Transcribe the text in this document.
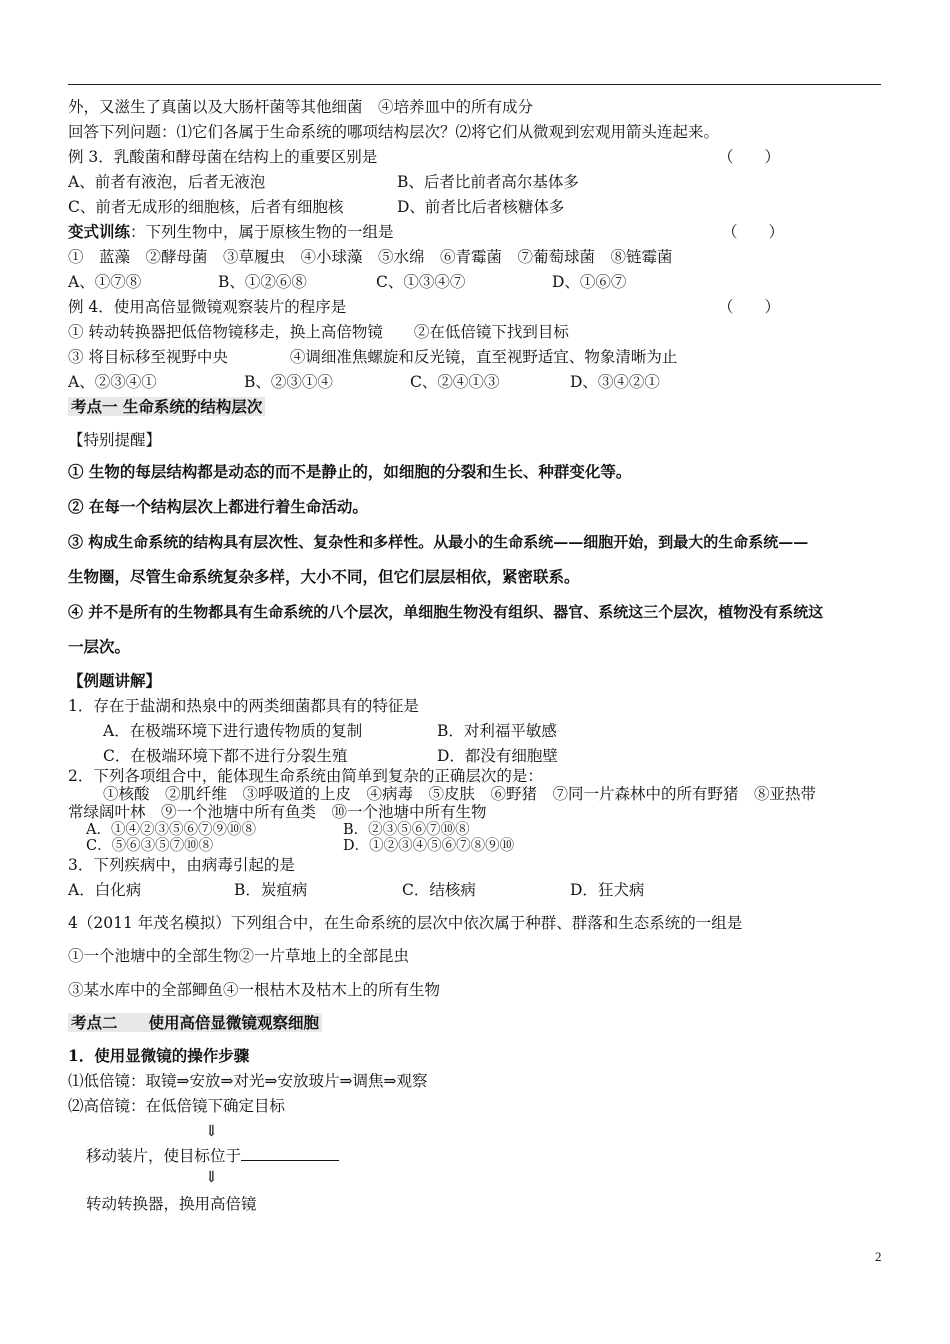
外，又滋生了真菌以及大肠杆菌等其他细菌　④培养皿中的所有成分
回答下列问题：⑴它们各属于生命系统的哪项结构层次？⑵将它们从微观到宏观用箭头连起来。
例 3．乳酸菌和酵母菌在结构上的重要区别是	（　　）
A、前者有液泡，后者无液泡	B、后者比前者高尔基体多
C、前者无成形的细胞核，后者有细胞核	D、前者比后者核糖体多
变式训练：下列生物中，属于原核生物的一组是	（　　）
①　蓝藻　②酵母菌　③草履虫　④小球藻　⑤水绵　⑥青霉菌　⑦葡萄球菌　⑧链霉菌
A、①⑦⑧	B、①②⑥⑧	C、①③④⑦	D、①⑥⑦
例 4．使用高倍显微镜观察装片的程序是	（　　）
① 转动转换器把低倍物镜移走，换上高倍物镜　　②在低倍镜下找到目标
③ 将目标移至视野中央　　　　④调细准焦螺旋和反光镜，直至视野适宜、物象清晰为止
A、②③④①	B、②③①④	C、②④①③	D、③④②①
考点一 生命系统的结构层次
【特别提醒】
① 生物的每层结构都是动态的而不是静止的，如细胞的分裂和生长、种群变化等。
② 在每一个结构层次上都进行着生命活动。
③ 构成生命系统的结构具有层次性、复杂性和多样性。从最小的生命系统——细胞开始，到最大的生命系统——
生物圈，尽管生命系统复杂多样，大小不同，但它们层层相依，紧密联系。
④ 并不是所有的生物都具有生命系统的八个层次，单细胞生物没有组织、器官、系统这三个层次，植物没有系统这
一层次。
【例题讲解】
1．存在于盐湖和热泉中的两类细菌都具有的特征是
A．在极端环境下进行遗传物质的复制	B．对利福平敏感
C．在极端环境下都不进行分裂生殖	D．都没有细胞壁
2．下列各项组合中，能体现生命系统由简单到复杂的正确层次的是：
①核酸　②肌纤维　③呼吸道的上皮　④病毒　⑤皮肤　⑥野猪　⑦同一片森林中的所有野猪　⑧亚热带
常绿阔叶林　⑨一个池塘中所有鱼类　⑩一个池塘中所有生物
A．①④②③⑤⑥⑦⑨⑩⑧	B．②③⑤⑥⑦⑩⑧
C．⑤⑥③⑤⑦⑩⑧	D．①②③④⑤⑥⑦⑧⑨⑩
3．下列疾病中，由病毒引起的是
A．白化病	B．炭疽病	C．结核病	D．狂犬病
4（2011 年茂名模拟）下列组合中，在生命系统的层次中依次属于种群、群落和生态系统的一组是
①一个池塘中的全部生物②一片草地上的全部昆虫
③某水库中的全部鲫鱼④一根枯木及枯木上的所有生物
考点二　　使用高倍显微镜观察细胞
1．使用显微镜的操作步骤
⑴低倍镜：取镜⇒安放⇒对光⇒安放玻片⇒调焦⇒观察
⑵高倍镜：在低倍镜下确定目标
⇓
移动装片，使目标位于
⇓
转动转换器，换用高倍镜
2
